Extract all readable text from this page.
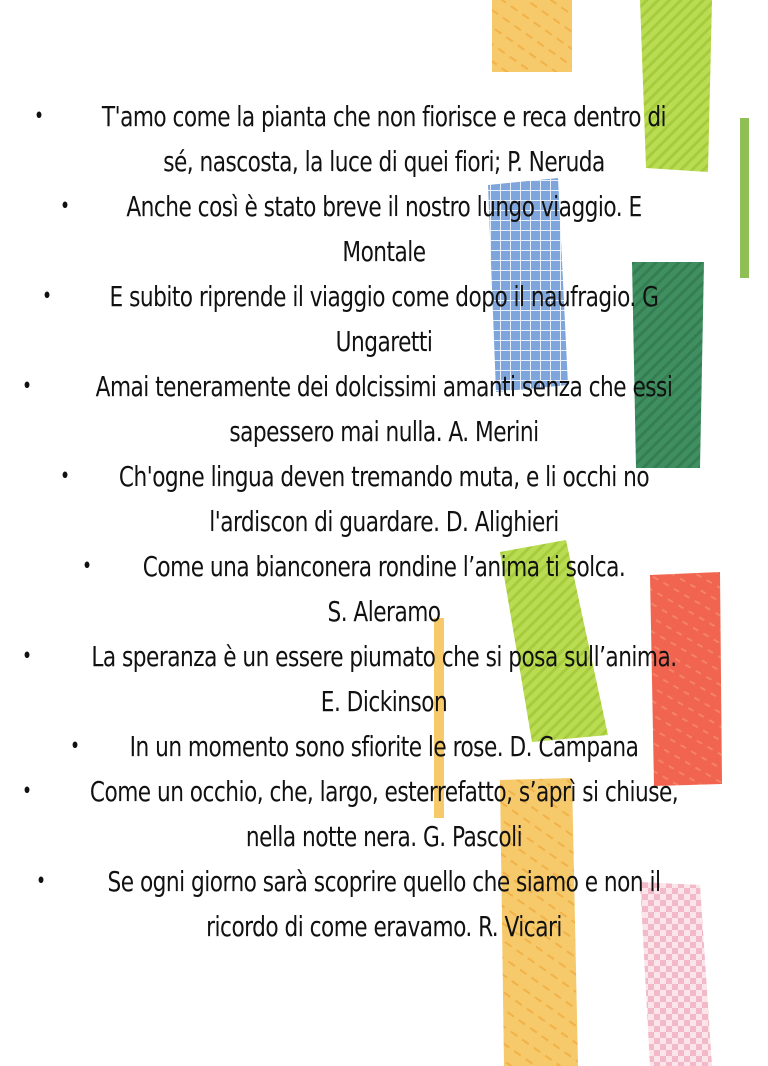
•	T'amo come la pianta che non fiorisce e reca dentro di
sé, nascosta, la luce di quei fiori; P. Neruda
•	Anche così è stato breve il nostro lungo viaggio. E
Montale
•	E subito riprende il viaggio come dopo il naufragio. G
Ungaretti
•	Amai teneramente dei dolcissimi amanti senza che essi
sapessero mai nulla. A. Merini
•	Ch'ogne lingua deven tremando muta, e li occhi no
l'ardiscon di guardare. D. Alighieri
•	Come una bianconera rondine l’anima ti solca.
S. Aleramo
•	La speranza è un essere piumato che si posa sull’anima.
E. Dickinson
•	In un momento sono sfiorite le rose. D. Campana
•	Come un occhio, che, largo, esterrefatto, s’aprì si chiuse,
nella notte nera. G. Pascoli
•	Se ogni giorno sarà scoprire quello che siamo e non il
ricordo di come eravamo. R. Vicari
